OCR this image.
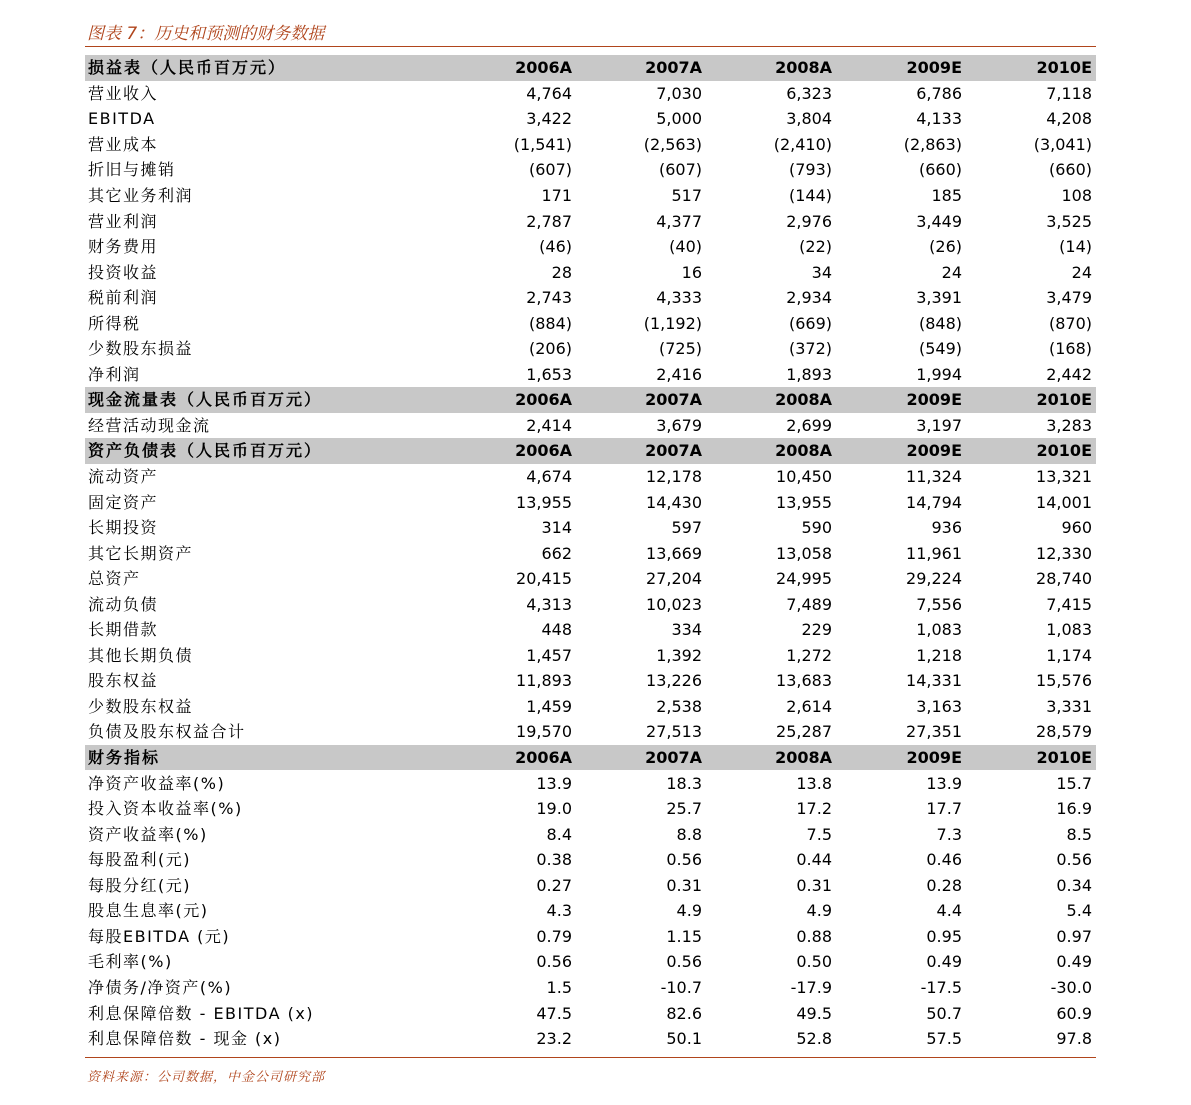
图表 7：历史和预测的财务数据
损益表（人民币百万元）	2006A	2007A	2008A	2009E	2010E
营业收入	4,764	7,030	6,323	6,786	7,118
EBITDA	3,422	5,000	3,804	4,133	4,208
营业成本	(1,541)	(2,563)	(2,410)	(2,863)	(3,041)
折旧与摊销	(607)	(607)	(793)	(660)	(660)
其它业务利润	171	517	(144)	185	108
营业利润	2,787	4,377	2,976	3,449	3,525
财务费用	(46)	(40)	(22)	(26)	(14)
投资收益	28	16	34	24	24
税前利润	2,743	4,333	2,934	3,391	3,479
所得税	(884)	(1,192)	(669)	(848)	(870)
少数股东损益	(206)	(725)	(372)	(549)	(168)
净利润	1,653	2,416	1,893	1,994	2,442
现金流量表（人民币百万元）	2006A	2007A	2008A	2009E	2010E
经营活动现金流	2,414	3,679	2,699	3,197	3,283
资产负债表（人民币百万元）	2006A	2007A	2008A	2009E	2010E
流动资产	4,674	12,178	10,450	11,324	13,321
固定资产	13,955	14,430	13,955	14,794	14,001
长期投资	314	597	590	936	960
其它长期资产	662	13,669	13,058	11,961	12,330
总资产	20,415	27,204	24,995	29,224	28,740
流动负债	4,313	10,023	7,489	7,556	7,415
长期借款	448	334	229	1,083	1,083
其他长期负债	1,457	1,392	1,272	1,218	1,174
股东权益	11,893	13,226	13,683	14,331	15,576
少数股东权益	1,459	2,538	2,614	3,163	3,331
负债及股东权益合计	19,570	27,513	25,287	27,351	28,579
财务指标	2006A	2007A	2008A	2009E	2010E
净资产收益率(%)	13.9	18.3	13.8	13.9	15.7
投入资本收益率(%)	19.0	25.7	17.2	17.7	16.9
资产收益率(%)	8.4	8.8	7.5	7.3	8.5
每股盈利(元)	0.38	0.56	0.44	0.46	0.56
每股分红(元)	0.27	0.31	0.31	0.28	0.34
股息生息率(元)	4.3	4.9	4.9	4.4	5.4
每股EBITDA (元)	0.79	1.15	0.88	0.95	0.97
毛利率(%)	0.56	0.56	0.50	0.49	0.49
净债务/净资产(%)	1.5	-10.7	-17.9	-17.5	-30.0
利息保障倍数 - EBITDA (x)	47.5	82.6	49.5	50.7	60.9
利息保障倍数 - 现金 (x)	23.2	50.1	52.8	57.5	97.8
资料来源：公司数据，中金公司研究部
